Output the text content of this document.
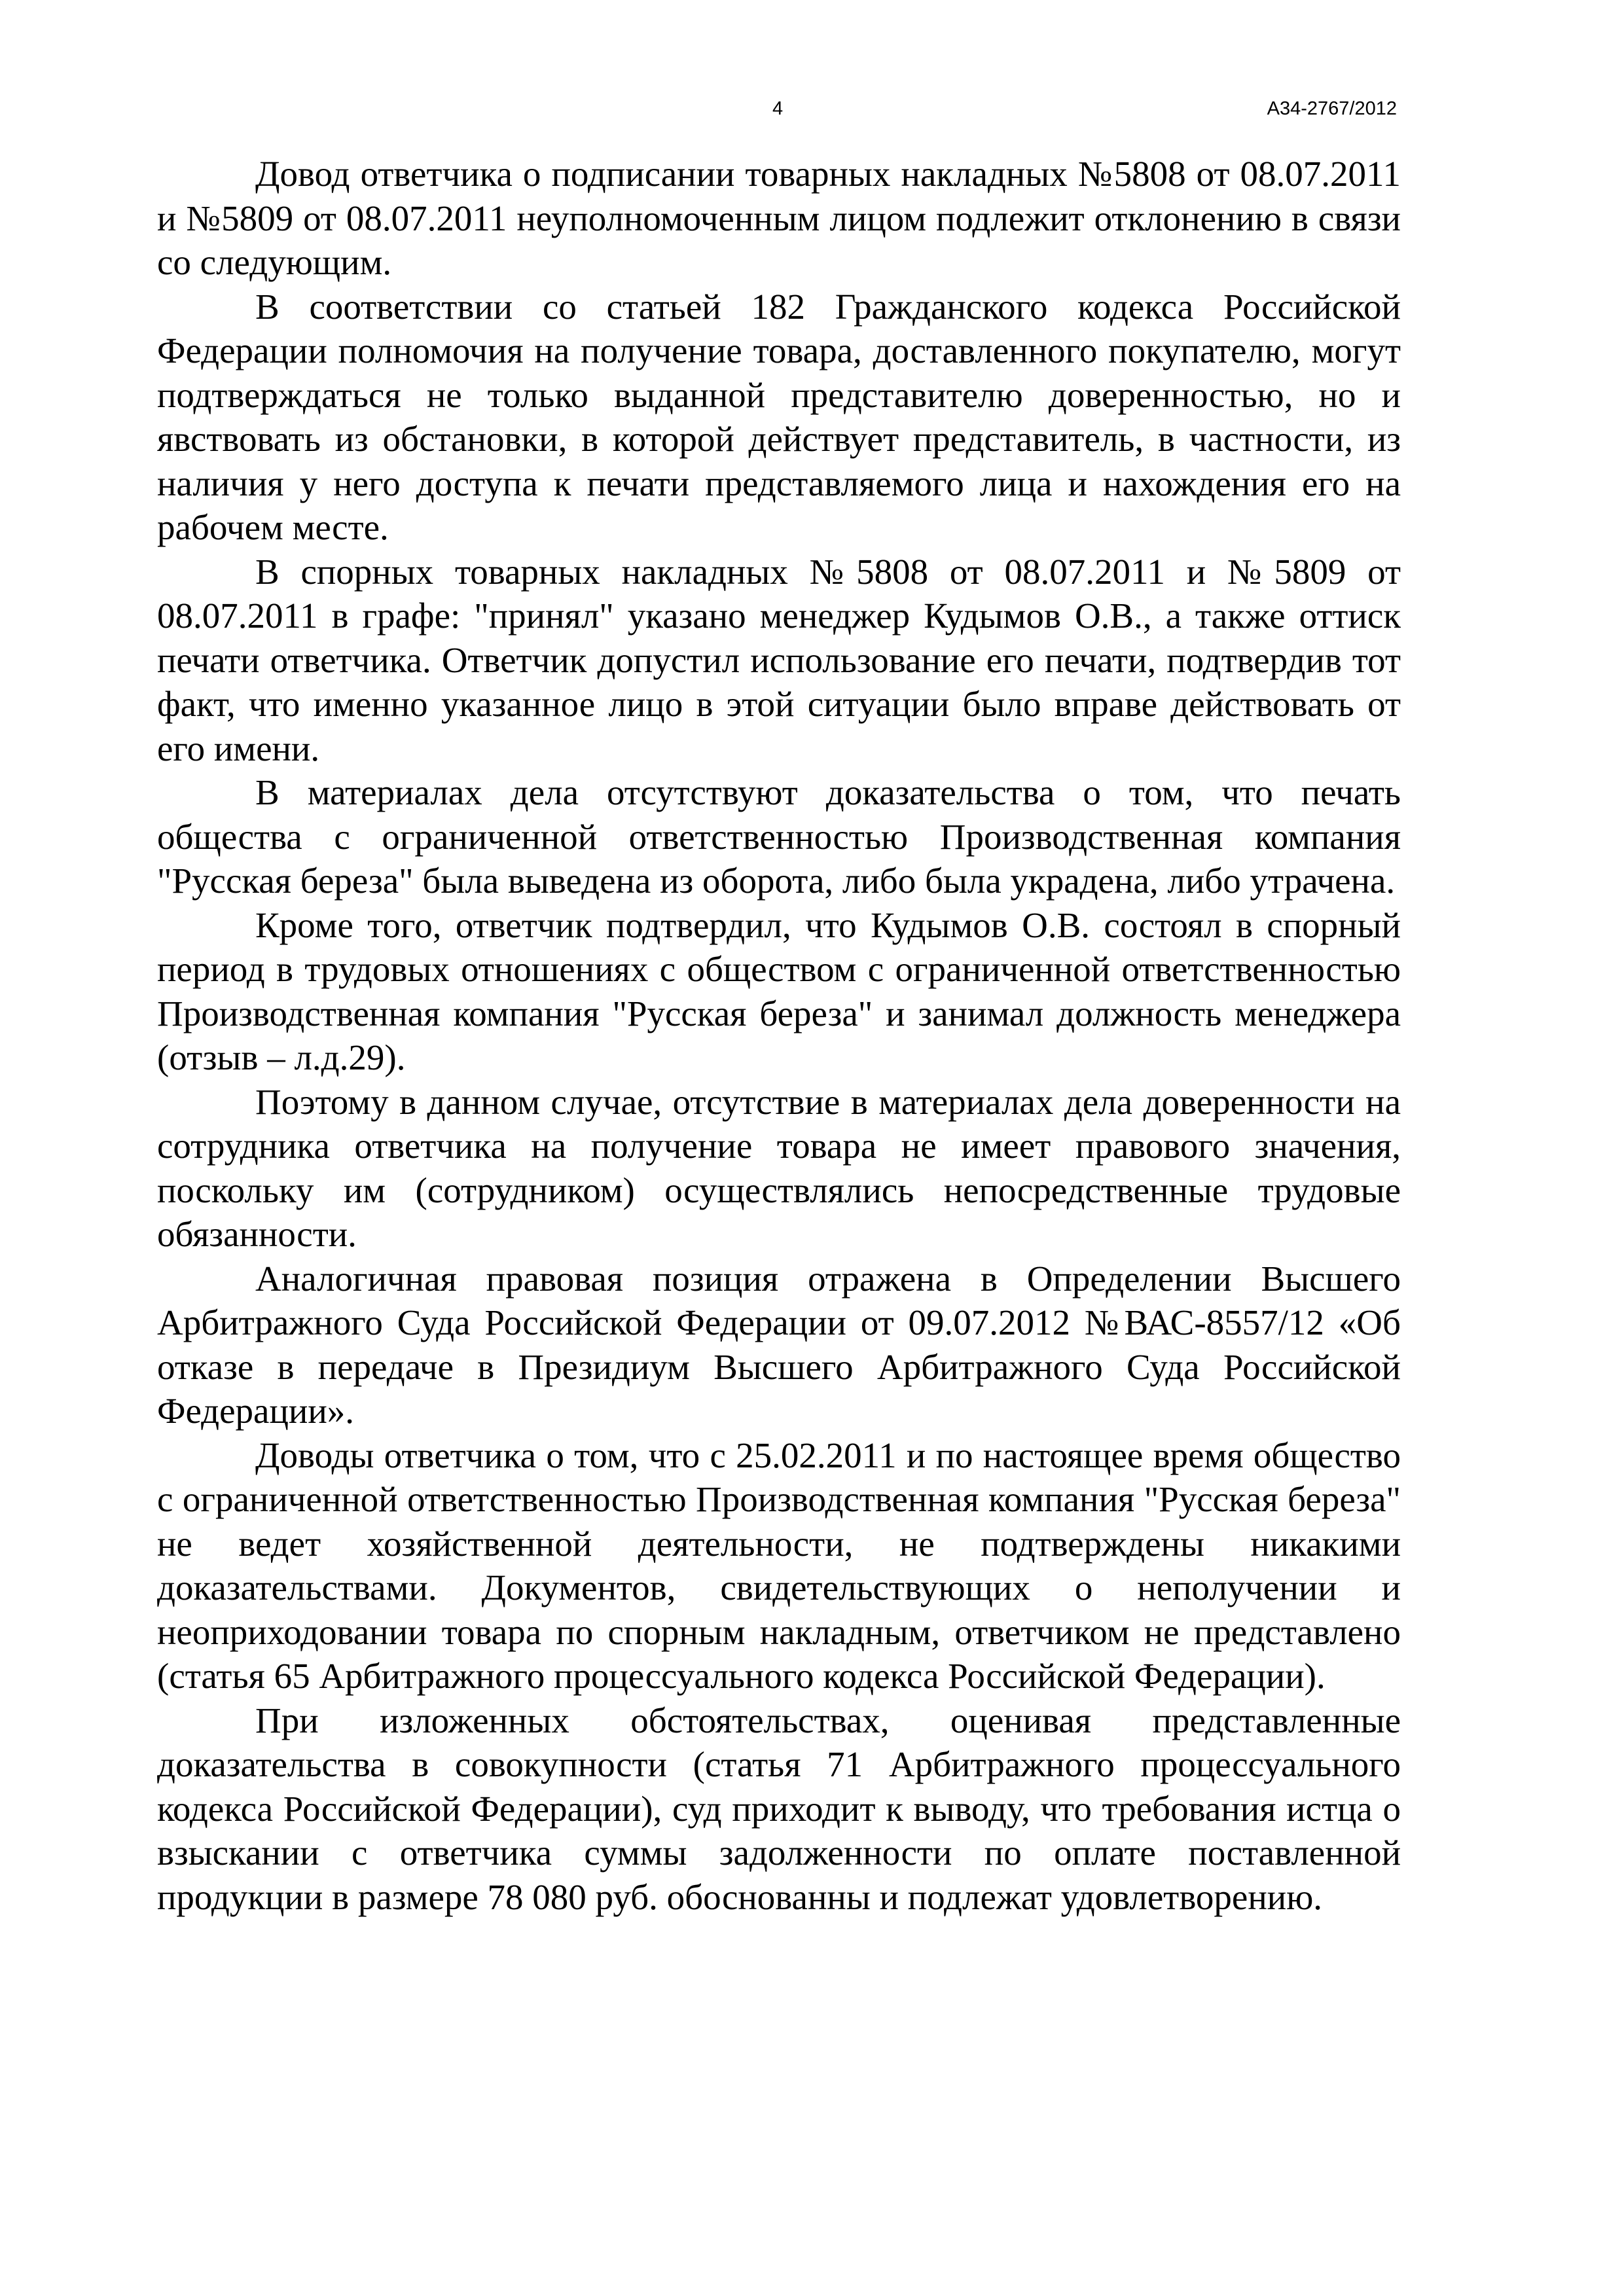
4	А34-2767/2012

Довод ответчика о подписании товарных накладных №5808 от 08.07.2011 и №5809 от 08.07.2011 неуполномоченным лицом подлежит отклонению в связи со следующим.

В соответствии со статьей 182 Гражданского кодекса Российской Федерации полномочия на получение товара, доставленного покупателю, могут подтверждаться не только выданной представителю доверенностью, но и явствовать из обстановки, в которой действует представитель, в частности, из наличия у него доступа к печати представляемого лица и нахождения его на рабочем месте.

В спорных товарных накладных №5808 от 08.07.2011 и №5809 от 08.07.2011 в графе: "принял" указано менеджер Кудымов О.В., а также оттиск печати ответчика. Ответчик допустил использование его печати, подтвердив тот факт, что именно указанное лицо в этой ситуации было вправе действовать от его имени.

В материалах дела отсутствуют доказательства о том, что печать общества с ограниченной ответственностью Производственная компания "Русская береза" была выведена из оборота, либо была украдена, либо утрачена.

Кроме того, ответчик подтвердил, что Кудымов О.В. состоял в спорный период в трудовых отношениях с обществом с ограниченной ответственностью Производственная компания "Русская береза" и занимал должность менеджера (отзыв – л.д.29).

Поэтому в данном случае, отсутствие в материалах дела доверенности на сотрудника ответчика на получение товара не имеет правового значения, поскольку им (сотрудником) осуществлялись непосредственные трудовые обязанности.

Аналогичная правовая позиция отражена в Определении Высшего Арбитражного Суда Российской Федерации от 09.07.2012 №ВАС-8557/12 «Об отказе в передаче в Президиум Высшего Арбитражного Суда Российской Федерации».

Доводы ответчика о том, что с 25.02.2011 и по настоящее время общество с ограниченной ответственностью Производственная компания "Русская береза" не ведет хозяйственной деятельности, не подтверждены никакими доказательствами. Документов, свидетельствующих о неполучении и неоприходовании товара по спорным накладным, ответчиком не представлено (статья 65 Арбитражного процессуального кодекса Российской Федерации).

При изложенных обстоятельствах, оценивая представленные доказательства в совокупности (статья 71 Арбитражного процессуального кодекса Российской Федерации), суд приходит к выводу, что требования истца о взыскании с ответчика суммы задолженности по оплате поставленной продукции в размере 78 080 руб. обоснованны и подлежат удовлетворению.
